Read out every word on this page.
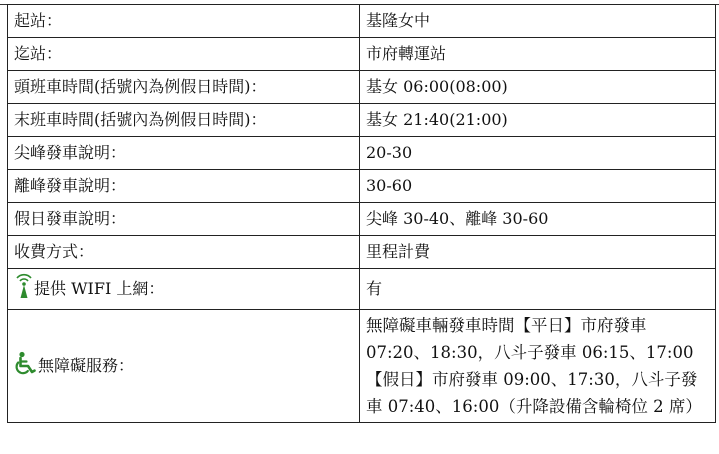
起站：	基隆女中
迄站：	市府轉運站
頭班車時間(括號內為例假日時間)：	基女 06:00(08:00)
末班車時間(括號內為例假日時間)：	基女 21:40(21:00)
尖峰發車說明：	20-30
離峰發車說明：	30-60
假日發車說明：	尖峰 30-40、離峰 30-60
收費方式：	里程計費

提供 WIFI 上網：	有

無障礙服務：	無障礙車輛發車時間【平日】市府發車07:20、18:30，八斗子發車 06:15、17:00【假日】市府發車 09:00、17:30，八斗子發車 07:40、16:00（升降設備含輪椅位 2 席）
